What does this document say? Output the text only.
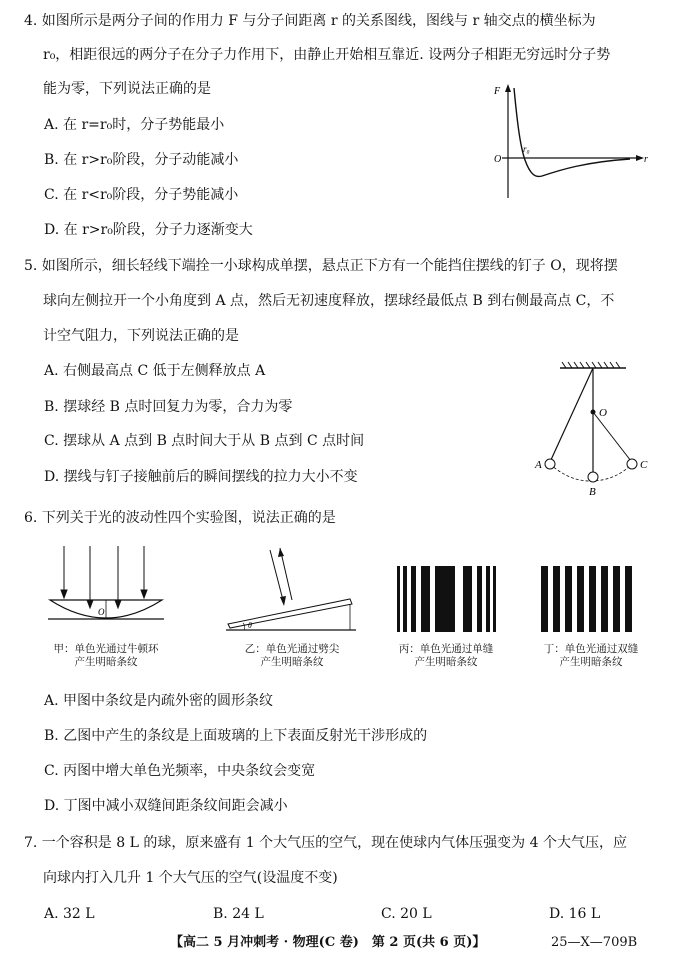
4. 如图所示是两分子间的作用力 F 与分子间距离 r 的关系图线，图线与 r 轴交点的横坐标为
r₀，相距很远的两分子在分子力作用下，由静止开始相互靠近. 设两分子相距无穷远时分子势
能为零，下列说法正确的是
A. 在 r=r₀时，分子势能最小
B. 在 r>r₀阶段，分子动能减小
C. 在 r<r₀阶段，分子势能减小
D. 在 r>r₀阶段，分子力逐渐变大
F
r
O
r₀
5. 如图所示，细长轻线下端拴一小球构成单摆，悬点正下方有一个能挡住摆线的钉子 O，现将摆
球向左侧拉开一个小角度到 A 点，然后无初速度释放，摆球经最低点 B 到右侧最高点 C，不
计空气阻力，下列说法正确的是
A. 右侧最高点 C 低于左侧释放点 A
B. 摆球经 B 点时回复力为零，合力为零
C. 摆球从 A 点到 B 点时间大于从 B 点到 C 点时间
D. 摆线与钉子接触前后的瞬间摆线的拉力大小不变
O
A
B
C
6. 下列关于光的波动性四个实验图，说法正确的是
O
甲：单色光通过牛顿环
产生明暗条纹
θ
乙：单色光通过劈尖
产生明暗条纹
丙：单色光通过单缝
产生明暗条纹
丁：单色光通过双缝
产生明暗条纹
A. 甲图中条纹是内疏外密的圆形条纹
B. 乙图中产生的条纹是上面玻璃的上下表面反射光干涉形成的
C. 丙图中增大单色光频率，中央条纹会变宽
D. 丁图中减小双缝间距条纹间距会减小
7. 一个容积是 8 L 的球，原来盛有 1 个大气压的空气，现在使球内气体压强变为 4 个大气压，应
向球内打入几升 1 个大气压的空气(设温度不变)
A. 32 L	B. 24 L	C. 20 L	D. 16 L
【高二 5 月冲刺考 · 物理(C 卷)　第 2 页(共 6 页)】	25—X—709B
